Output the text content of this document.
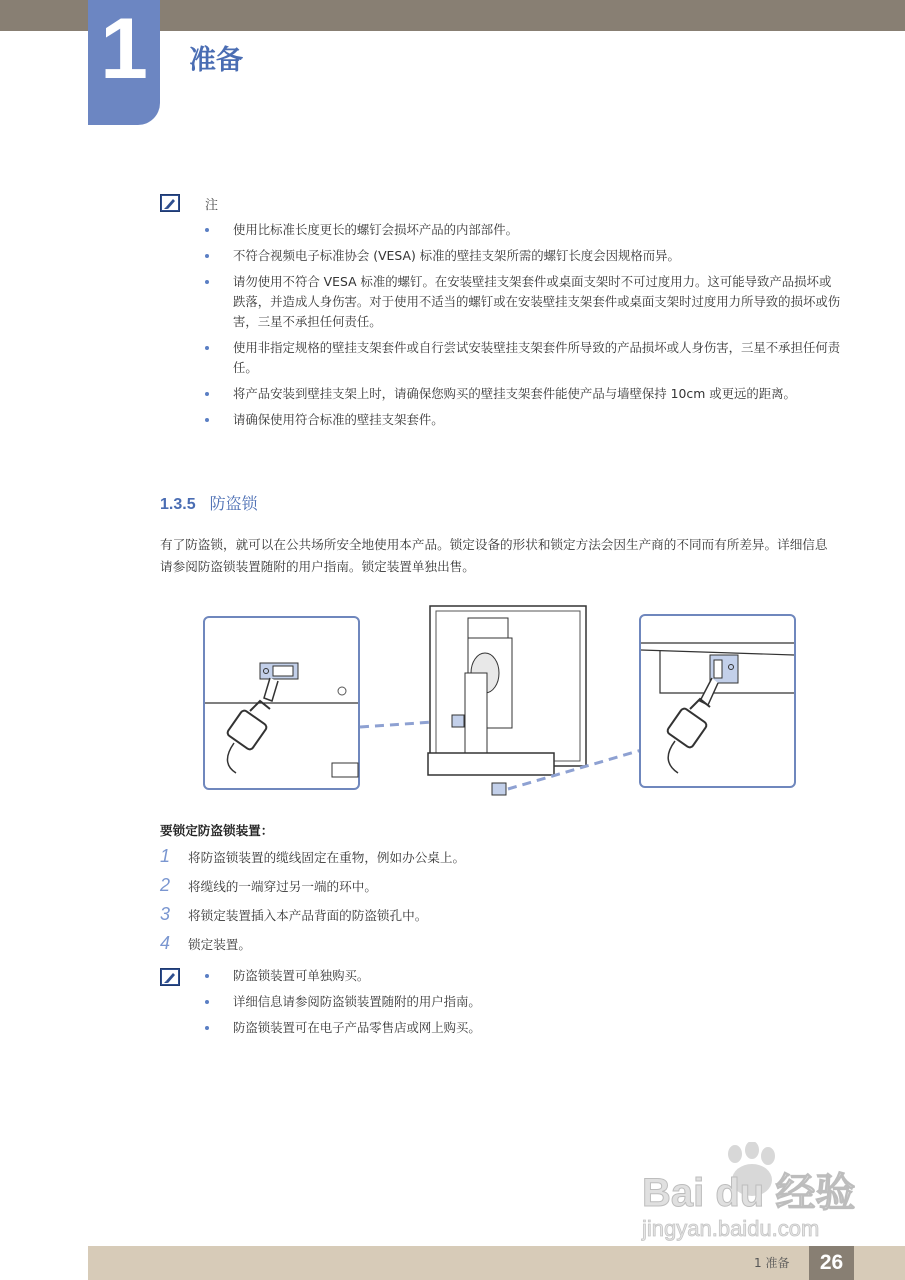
1	准备
注
使用比标准长度更长的螺钉会损坏产品的内部部件。
不符合视频电子标准协会 (VESA) 标准的壁挂支架所需的螺钉长度会因规格而异。
请勿使用不符合 VESA 标准的螺钉。在安装壁挂支架套件或桌面支架时不可过度用力。这可能导致产品损坏或跌落，并造成人身伤害。对于使用不适当的螺钉或在安装壁挂支架套件或桌面支架时过度用力所导致的损坏或伤害，三星不承担任何责任。
使用非指定规格的壁挂支架套件或自行尝试安装壁挂支架套件所导致的产品损坏或人身伤害，三星不承担任何责任。
将产品安装到壁挂支架上时，请确保您购买的壁挂支架套件能使产品与墙壁保持 10cm 或更远的距离。
请确保使用符合标准的壁挂支架套件。
1.3.5 防盗锁
有了防盗锁，就可以在公共场所安全地使用本产品。锁定设备的形状和锁定方法会因生产商的不同而有所差异。详细信息请参阅防盗锁装置随附的用户指南。锁定装置单独出售。
要锁定防盗锁装置：
1	将防盗锁装置的缆线固定在重物，例如办公桌上。
2	将缆线的一端穿过另一端的环中。
3	将锁定装置插入本产品背面的防盗锁孔中。
4	锁定装置。
防盗锁装置可单独购买。
详细信息请参阅防盗锁装置随附的用户指南。
防盗锁装置可在电子产品零售店或网上购买。
Bai du 经验
jingyan.baidu.com
1 准备	26
